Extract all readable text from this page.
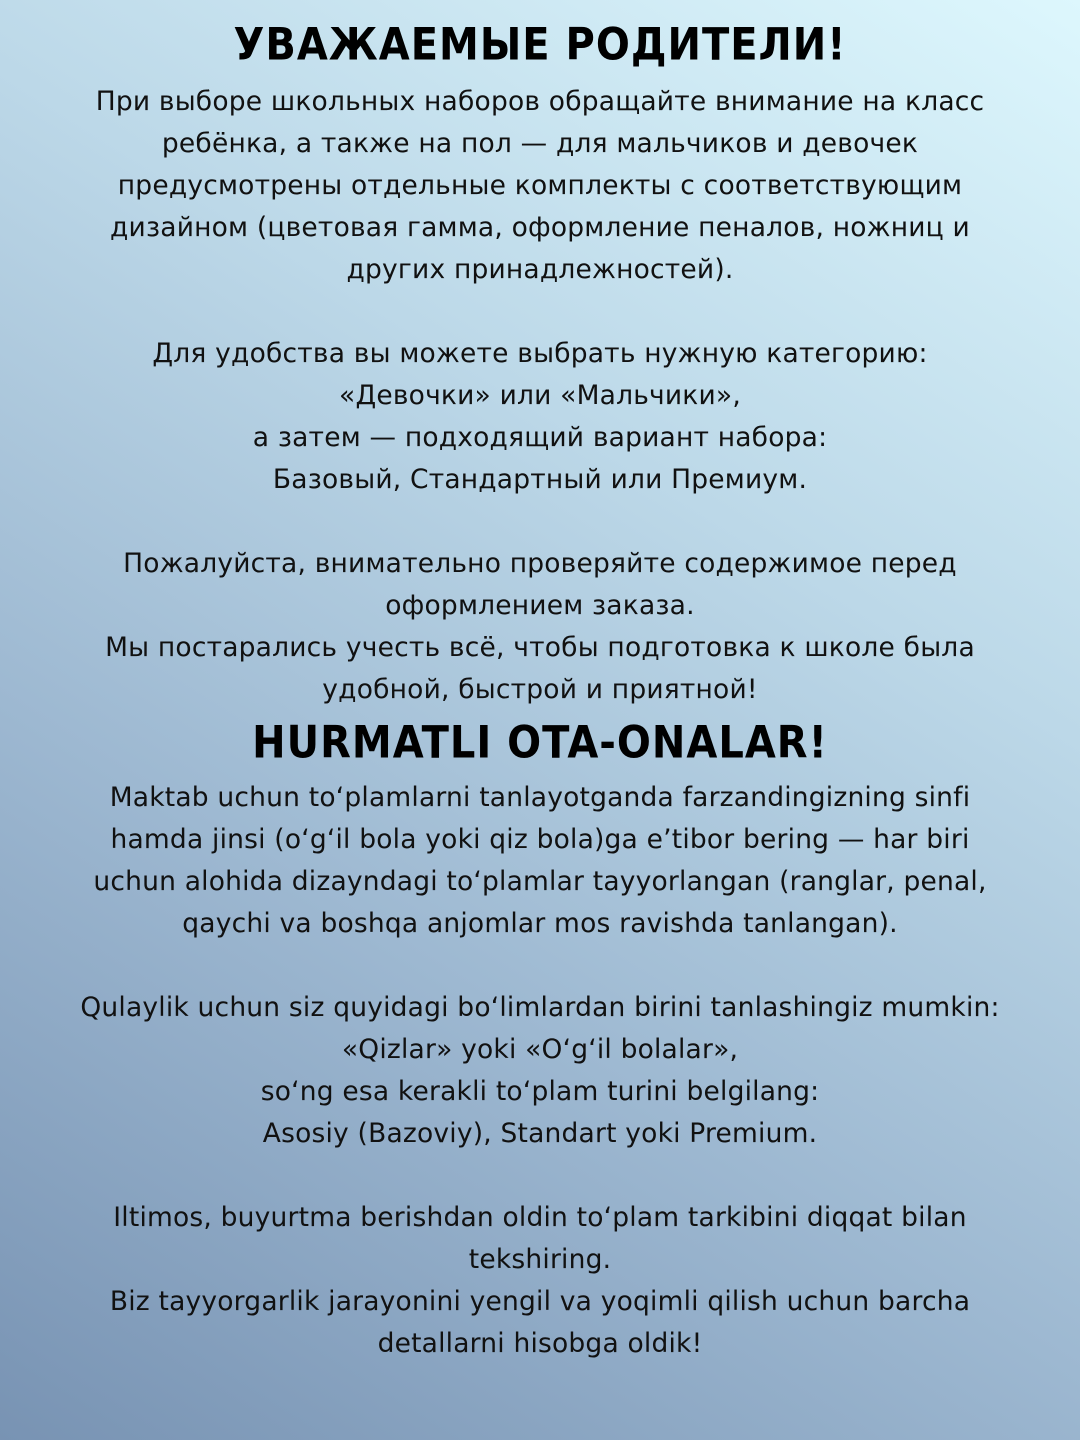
УВАЖАЕМЫЕ РОДИТЕЛИ!
При выборе школьных наборов обращайте внимание на класс
ребёнка, а также на пол — для мальчиков и девочек
предусмотрены отдельные комплекты с соответствующим
дизайном (цветовая гамма, оформление пеналов, ножниц и
других принадлежностей).
Для удобства вы можете выбрать нужную категорию:
«Девочки» или «Мальчики»,
а затем — подходящий вариант набора:
Базовый, Стандартный или Премиум.
Пожалуйста, внимательно проверяйте содержимое перед
оформлением заказа.
Мы постарались учесть всё, чтобы подготовка к школе была
удобной, быстрой и приятной!
HURMATLI OTA-ONALAR!
Maktab uchun to‘plamlarni tanlayotganda farzandingizning sinfi
hamda jinsi (o‘g‘il bola yoki qiz bola)ga e’tibor bering — har biri
uchun alohida dizayndagi to‘plamlar tayyorlangan (ranglar, penal,
qaychi va boshqa anjomlar mos ravishda tanlangan).
Qulaylik uchun siz quyidagi bo‘limlardan birini tanlashingiz mumkin:
«Qizlar» yoki «O‘g‘il bolalar»,
so‘ng esa kerakli to‘plam turini belgilang:
Asosiy (Bazoviy), Standart yoki Premium.
Iltimos, buyurtma berishdan oldin to‘plam tarkibini diqqat bilan
tekshiring.
Biz tayyorgarlik jarayonini yengil va yoqimli qilish uchun barcha
detallarni hisobga oldik!
